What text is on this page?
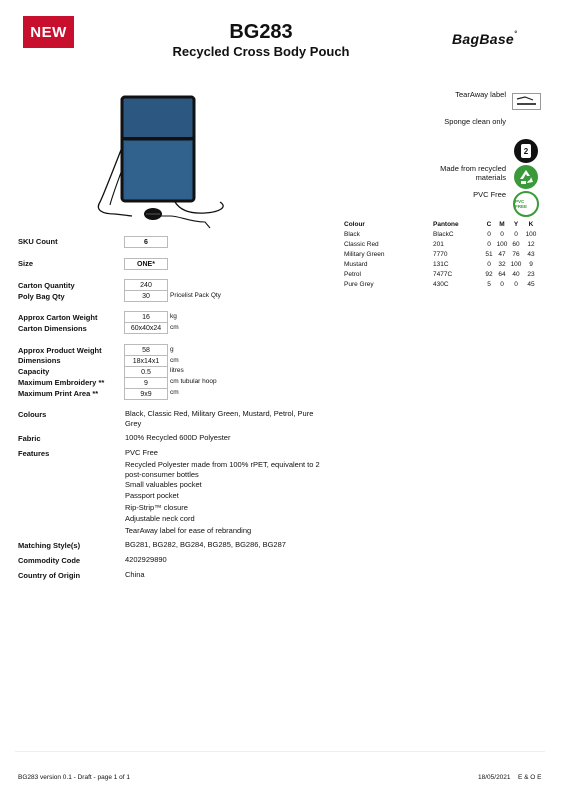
NEW	BG283
Recycled Cross Body Pouch
BagBase°
TearAway label
Sponge clean only
2
Made from recycled materials
PVC Free
PVC FREE
Colour	Pantone	C	M	Y	K
Black	BlackC	0	0	0	100
Classic Red	201	0	100	60	12
Military Green	7770	51	47	76	43
Mustard	131C	0	32	100	9
Petrol	7477C	92	64	40	23
Pure Grey	430C	5	0	0	45
SKU Count	6
Size	ONE*
Carton Quantity	240
Poly Bag Qty	30	Pricelist Pack Qty
Approx Carton Weight	16	kg
Carton Dimensions	60x40x24	cm
Approx Product Weight	58	g
Dimensions	18x14x1	cm
Capacity	0.5	litres
Maximum Embroidery **	9	cm tubular hoop
Maximum Print Area **	9x9	cm
Colours	Black, Classic Red, Military Green, Mustard, Petrol, Pure Grey
Fabric	100% Recycled 600D Polyester
Features	PVC Free
Recycled Polyester made from 100% rPET, equivalent to 2 post-consumer bottles
Small valuables pocket
Passport pocket
Rip-Strip™ closure
Adjustable neck cord
TearAway label for ease of rebranding
Matching Style(s)	BG281, BG282, BG284, BG285, BG286, BG287
Commodity Code	4202929890
Country of Origin	China
BG283 version 0.1 - Draft - page 1 of 1	18/05/2021 E & O E
